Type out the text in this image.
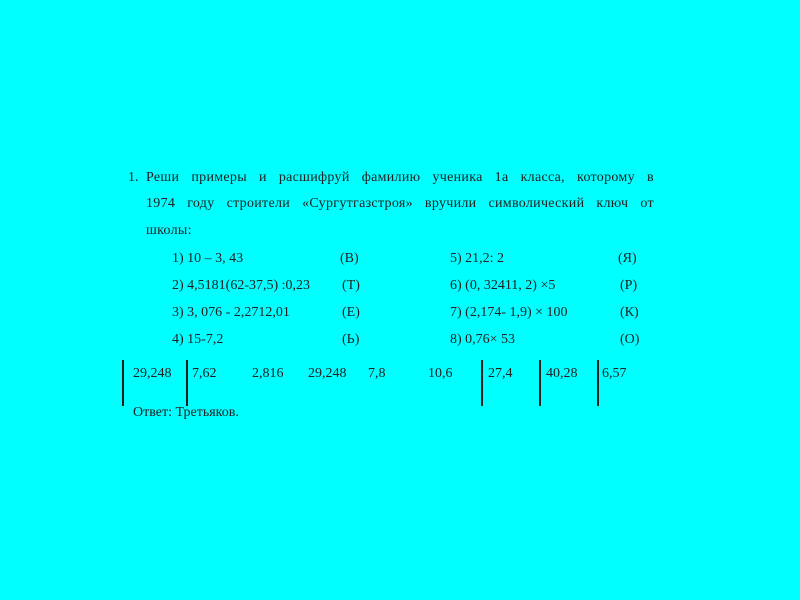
1. Реши примеры и расшифруй фамилию ученика 1а класса, которому в
1974 году строители «Сургутгазстроя» вручили символический ключ от
школы:
1) 10 – 3, 43	(В)
2) 4,5181(62-37,5) :0,23 (Т)
3) 3, 076 - 2,2712,01	(Е)
4) 15-7,2	(Ь)
5) 21,2: 2	(Я)
6) (0, 32411, 2) ×5	(Р)
7) (2,174- 1,9) × 100	(К)
8) 0,76× 53	(О)
29,248 7,62	2,816 29,248 7,8	10,6	27,4 40,28 6,57
Ответ: Третьяков.
